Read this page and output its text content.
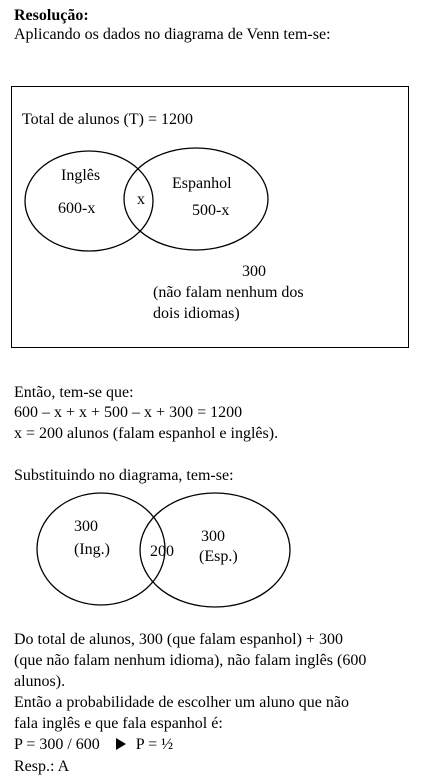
Resolução:
Aplicando os dados no diagrama de Venn tem-se:
Total de alunos (T) = 1200
Inglês
600-x
x
Espanhol
500-x
300
(não falam nenhum dos
dois idiomas)
300
(Ing.)	200
300
(Esp.)
Então, tem-se que:
600 – x + x + 500 – x + 300 = 1200
x = 200 alunos (falam espanhol e inglês).
Substituindo no diagrama, tem-se:
Do total de alunos, 300 (que falam espanhol) + 300
(que não falam nenhum idioma), não falam inglês (600
alunos).
Então a probabilidade de escolher um aluno que não
fala inglês e que fala espanhol é:
P = 300 / 600 P = ½
Resp.: A
